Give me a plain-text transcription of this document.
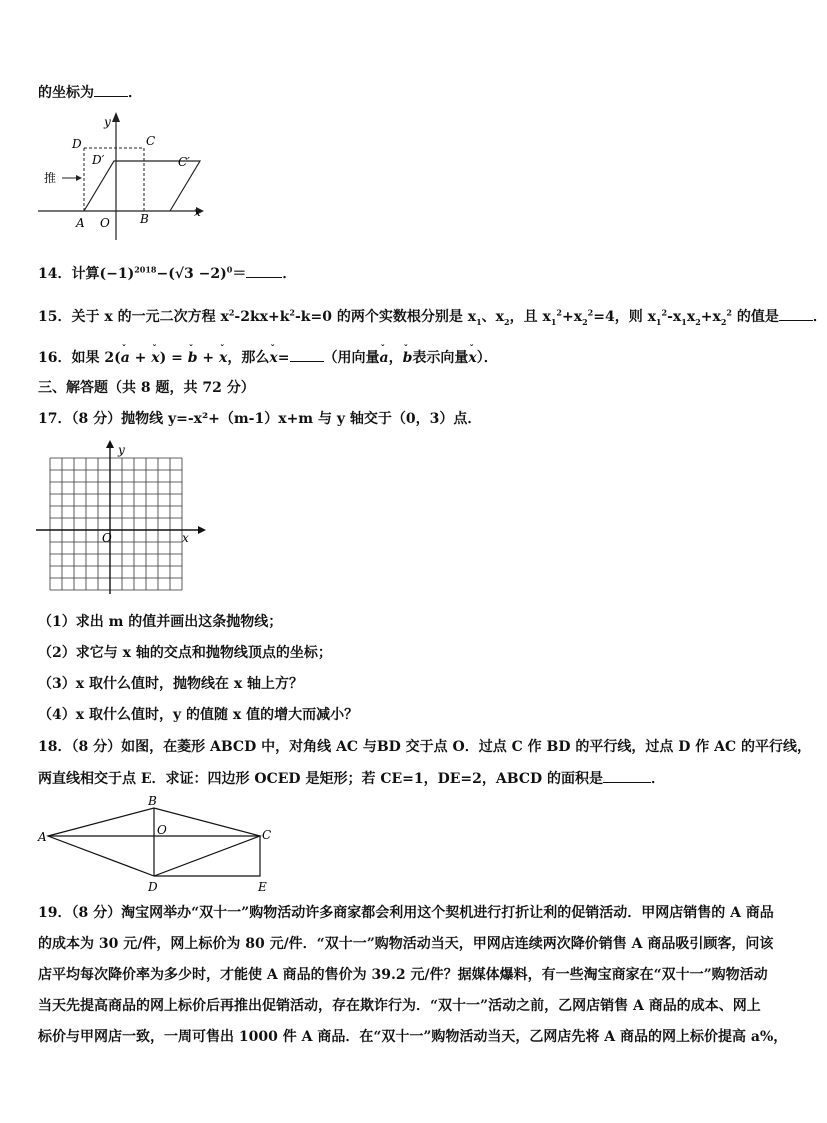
的坐标为 ．
y
x
D	C
D′	C′
推
A O	B
14．计算$(-1)^{2018}-(√3 -2)^0=$	．
15．关于 x 的一元二次方程 $x^2-2kx+k^2-k=0$ 的两个实数根分别是 $x_1$、$x_2$，且 $x_1^2+x_2^2=4$，则 $x_1^2-x_1x_2+x_2^2$ 的值是 ．
16．如果 2(ˇ a + ˇ x) = ˇ b + ˇ x，那么ˇ x= （用向量ˇ a，ˇ b表示向量ˇ x）．
三、解答题（共 8 题，共 72 分）
17．（8 分）抛物线 y=-x²+（m-1）x+m 与 y 轴交于（0，3）点．
y
x
O
（1）求出 m 的值并画出这条抛物线；
（2）求它与 x 轴的交点和抛物线顶点的坐标；
（3）x 取什么值时，抛物线在 x 轴上方？
（4）x 取什么值时，y 的值随 x 值的增大而减小？
18．（8 分）如图，在菱形 ABCD 中，对角线 AC 与BD 交于点 O．过点 C 作 BD 的平行线，过点 D 作 AC 的平行线，
两直线相交于点 E．求证：四边形 OCED 是矩形；若 CE=1，DE=2，ABCD 的面积是	．
A
B
C
D	E
O
19．（8 分）淘宝网举办“双十一”购物活动许多商家都会利用这个契机进行打折让利的促销活动．甲网店销售的 A 商品
的成本为 30 元/件，网上标价为 80 元/件．“双十一”购物活动当天，甲网店连续两次降价销售 A 商品吸引顾客，问该
店平均每次降价率为多少时，才能使 A 商品的售价为 39.2 元/件？据媒体爆料，有一些淘宝商家在“双十一”购物活动
当天先提高商品的网上标价后再推出促销活动，存在欺诈行为．“双十一”活动之前，乙网店销售 A 商品的成本、网上
标价与甲网店一致，一周可售出 1000 件 A 商品．在“双十一”购物活动当天，乙网店先将 A 商品的网上标价提高 a%，
